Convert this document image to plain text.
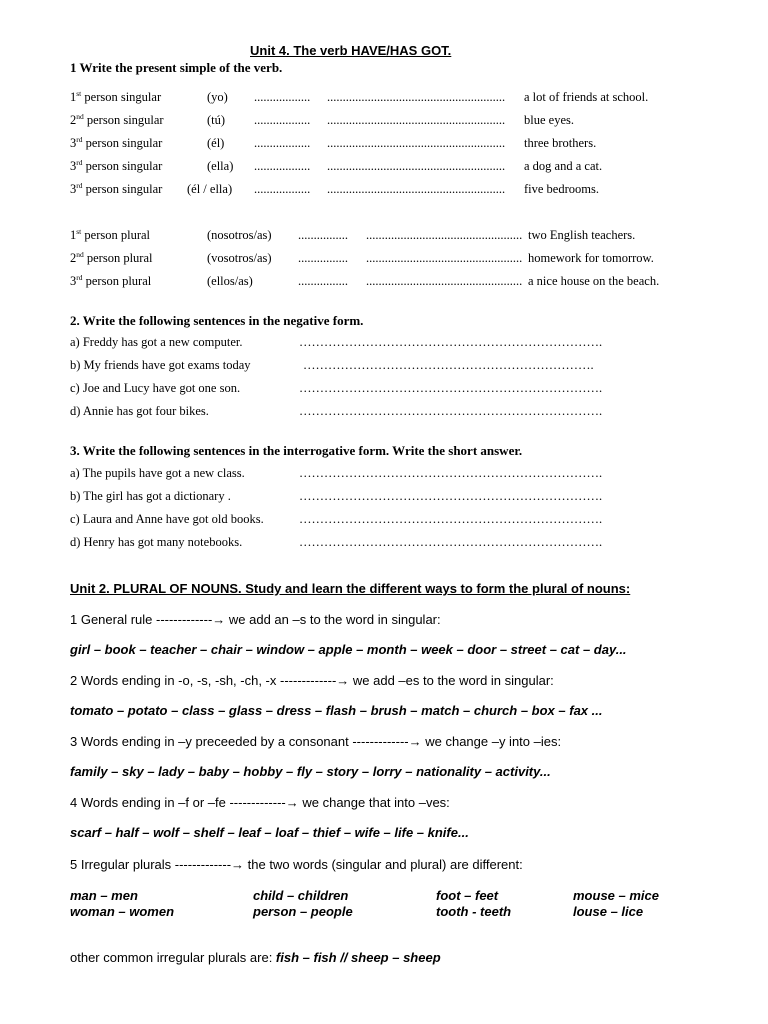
Unit 4. The verb HAVE/HAS GOT.
1 Write the present simple of the verb.
1st person singular	(yo) .................. ......................................................... a lot of friends at school.
2nd person singular	(tú) .................. ......................................................... blue eyes.
3rd person singular	(él) .................. ......................................................... three brothers.
3rd person singular	(ella) .................. ......................................................... a dog and a cat.
3rd person singular (él / ella) .................. ......................................................... five bedrooms.
1st person plural	(nosotros/as) ................ .................................................. two English teachers.
2nd person plural	(vosotros/as) ................ .................................................. homework for tomorrow.
3rd person plural	(ellos/as)	................ .................................................. a nice house on the beach.
2. Write the following sentences in the negative form.
a) Freddy has got a new computer.	……………………………………………………………….
b) My friends have got exams today	…………………………………………………………….
c) Joe and Lucy have got one son.	……………………………………………………………….
d) Annie has got four bikes.	……………………………………………………………….
3. Write the following sentences in the interrogative form. Write the short answer.
a) The pupils have got a new class.	……………………………………………………………….
b) The girl has got a dictionary .	……………………………………………………………….
c) Laura and Anne have got old books.	……………………………………………………………….
d) Henry has got many notebooks.	……………………………………………………………….
Unit 2. PLURAL OF NOUNS. Study and learn the different ways to form the plural of nouns:
1 General rule -------------→ we add an –s to the word in singular:
girl – book – teacher – chair – window – apple – month – week – door – street – cat – day...
2 Words ending in -o, -s, -sh, -ch, -x -------------→ we add –es to the word in singular:
tomato – potato – class – glass – dress – flash – brush – match – church – box – fax ...
3 Words ending in –y preceeded by a consonant -------------→ we change –y into –ies:
family – sky – lady – baby – hobby – fly – story – lorry – nationality – activity...
4 Words ending in –f or –fe -------------→ we change that into –ves:
scarf – half – wolf – shelf – leaf – loaf – thief – wife – life – knife...
5 Irregular plurals -------------→ the two words (singular and plural) are different:
man – men	child – children	foot – feet	mouse – mice
woman – women	person – people	tooth - teeth	louse – lice
other common irregular plurals are: fish – fish // sheep – sheep
